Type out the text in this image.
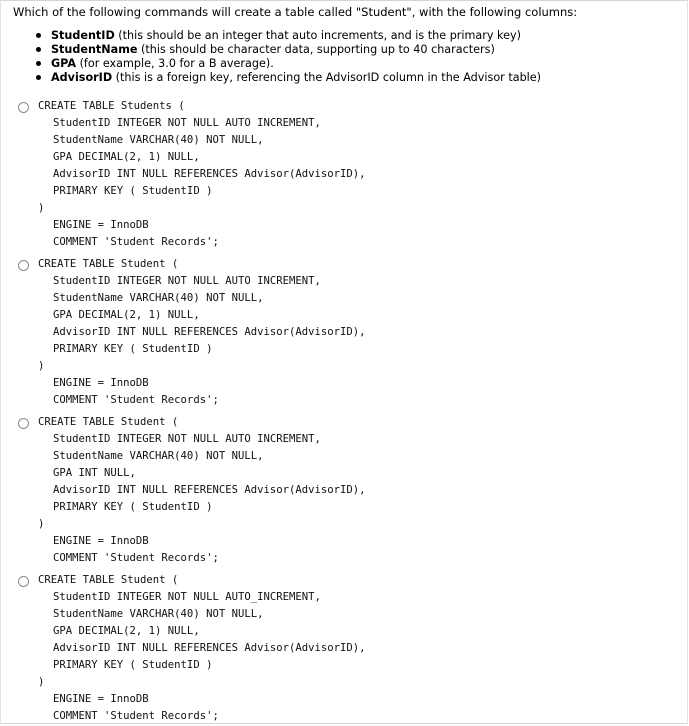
Which of the following commands will create a table called "Student", with the following columns:
StudentID (this should be an integer that auto increments, and is the primary key)
StudentName (this should be character data, supporting up to 40 characters)
GPA (for example, 3.0 for a B average).
AdvisorID (this is a foreign key, referencing the AdvisorID column in the Advisor table)
CREATE TABLE Students (
StudentID INTEGER NOT NULL AUTO INCREMENT,
StudentName VARCHAR(40) NOT NULL,
GPA DECIMAL(2, 1) NULL,
AdvisorID INT NULL REFERENCES Advisor(AdvisorID),
PRIMARY KEY ( StudentID )
)
ENGINE = InnoDB
COMMENT 'Student Records';
CREATE TABLE Student (
StudentID INTEGER NOT NULL AUTO INCREMENT,
StudentName VARCHAR(40) NOT NULL,
GPA DECIMAL(2, 1) NULL,
AdvisorID INT NULL REFERENCES Advisor(AdvisorID),
PRIMARY KEY ( StudentID )
)
ENGINE = InnoDB
COMMENT 'Student Records';
CREATE TABLE Student (
StudentID INTEGER NOT NULL AUTO INCREMENT,
StudentName VARCHAR(40) NOT NULL,
GPA INT NULL,
AdvisorID INT NULL REFERENCES Advisor(AdvisorID),
PRIMARY KEY ( StudentID )
)
ENGINE = InnoDB
COMMENT 'Student Records';
CREATE TABLE Student (
StudentID INTEGER NOT NULL AUTO_INCREMENT,
StudentName VARCHAR(40) NOT NULL,
GPA DECIMAL(2, 1) NULL,
AdvisorID INT NULL REFERENCES Advisor(AdvisorID),
PRIMARY KEY ( StudentID )
)
ENGINE = InnoDB
COMMENT 'Student Records';
